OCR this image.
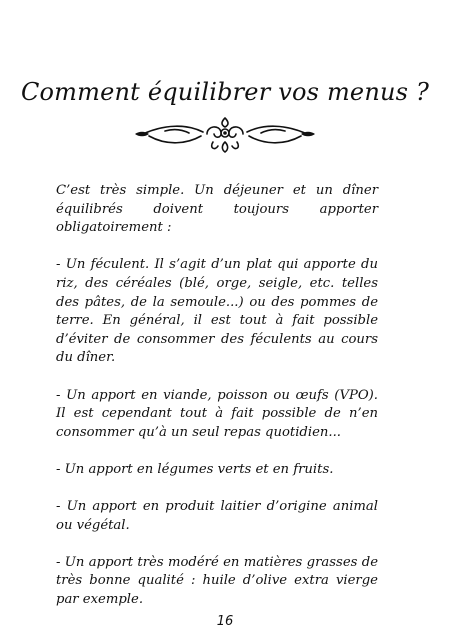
Comment équilibrer vos menus ?

C’est très simple. Un déjeuner et un dîner équilibrés doivent toujours apporter obligatoirement :

- Un féculent. Il s’agit d’un plat qui apporte du riz, des céréales (blé, orge, seigle, etc. telles des pâtes, de la semoule...) ou des pommes de terre. En général, il est tout à fait possible d’éviter de consommer des féculents au cours du dîner.

- Un apport en viande, poisson ou œufs (VPO). Il est cependant tout à fait possible de n’en consommer qu’à un seul repas quotidien...

- Un apport en légumes verts et en fruits.

- Un apport en produit laitier d’origine animal ou végétal.

- Un apport très modéré en matières grasses de très bonne qualité : huile d’olive extra vierge par exemple.

16
